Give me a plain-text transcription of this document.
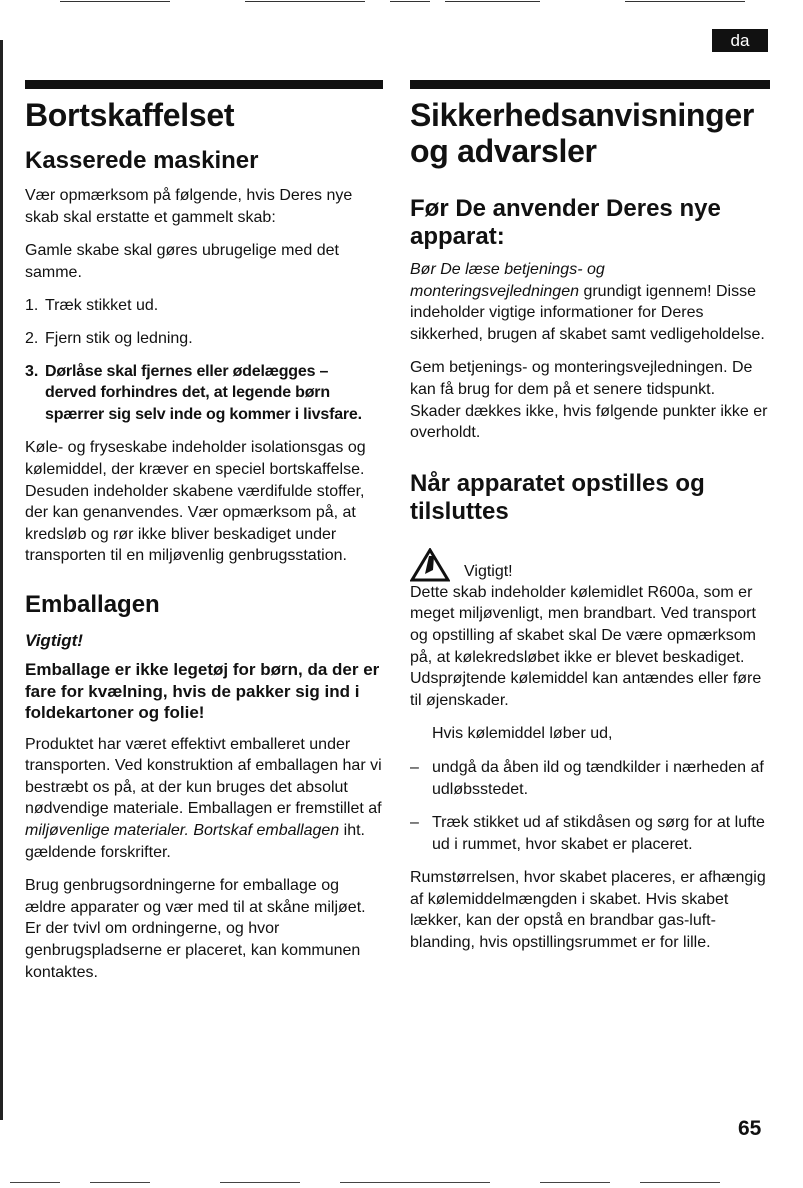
da
Bortskaffelset
Kasserede maskiner

Vær opmærksom på følgende, hvis Deres nye skab skal erstatte et gammelt skab:

Gamle skabe skal gøres ubrugelige med det samme.

1. Træk stikket ud.
2. Fjern stik og ledning.
3. Dørlåse skal fjernes eller ødelægges – derved forhindres det, at legende børn spærrer sig selv inde og kommer i livsfare.

Køle- og fryseskabe indeholder isolationsgas og kølemiddel, der kræver en speciel bortskaffelse. Desuden indeholder skabene værdifulde stoffer, der kan genanvendes. Vær opmærksom på, at kredsløb og rør ikke bliver beskadiget under transporten til en miljøvenlig genbrugsstation.

Emballagen
Vigtigt!
Emballage er ikke legetøj for børn, da der er fare for kvælning, hvis de pakker sig ind i foldekartoner og folie!

Produktet har været effektivt emballeret under transporten. Ved konstruktion af emballagen har vi bestræbt os på, at der kun bruges det absolut nødvendige materiale. Emballagen er fremstillet af miljøvenlige materialer. Bortskaf emballagen iht. gældende forskrifter.

Brug genbrugsordningerne for emballage og ældre apparater og vær med til at skåne miljøet. Er der tvivl om ordningerne, og hvor genbrugspladserne er placeret, kan kommunen kontaktes.

Sikkerhedsanvisninger og advarsler
Før De anvender Deres nye apparat:

Bør De læse betjenings- og monteringsvejledningen grundigt igennem! Disse indeholder vigtige informationer for Deres sikkerhed, brugen af skabet samt vedligeholdelse.

Gem betjenings- og monteringsvejledningen. De kan få brug for dem på et senere tidspunkt. Skader dækkes ikke, hvis følgende punkter ikke er overholdt.

Når apparatet opstilles og tilsluttes
Vigtigt!

Dette skab indeholder kølemidlet R600a, som er meget miljøvenligt, men brandbart. Ved transport og opstilling af skabet skal De være opmærksom på, at kølekredsløbet ikke er blevet beskadiget. Udsprøjtende kølemiddel kan antændes eller føre til øjenskader.

Hvis kølemiddel løber ud,

– undgå da åben ild og tændkilder i nærheden af udløbsstedet.
– Træk stikket ud af stikdåsen og sørg for at lufte ud i rummet, hvor skabet er placeret.

Rumstørrelsen, hvor skabet placeres, er afhængig af kølemiddelmængden i skabet. Hvis skabet lækker, kan der opstå en brandbar gas-luft-blanding, hvis opstillingsrummet er for lille.

65
